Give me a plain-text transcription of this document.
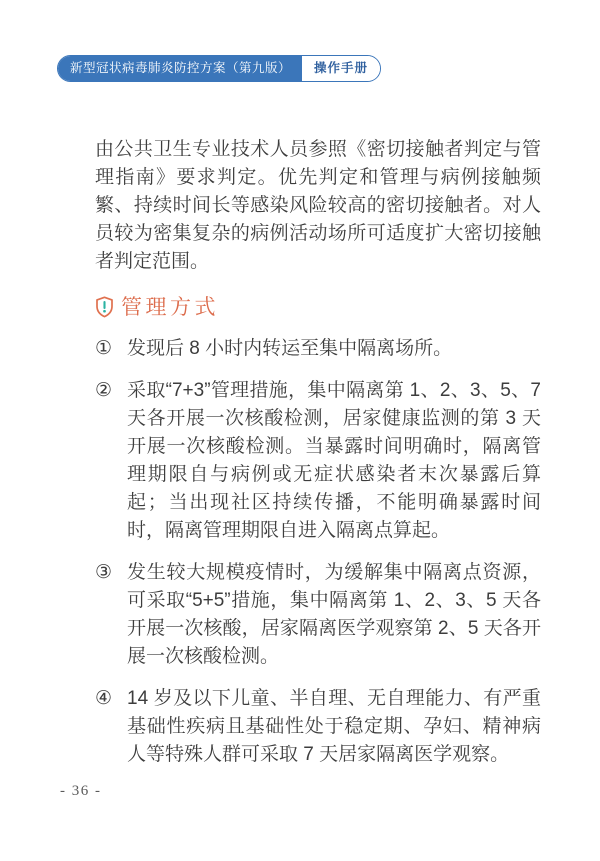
新型冠状病毒肺炎防控方案（第九版）	操作手册

由公共卫生专业技术人员参照《密切接触者判定与管理指南》要求判定。优先判定和管理与病例接触频繁、持续时间长等感染风险较高的密切接触者。对人员较为密集复杂的病例活动场所可适度扩大密切接触者判定范围。

管理方式
① 发现后 8 小时内转运至集中隔离场所。
② 采取“7+3”管理措施，集中隔离第 1、2、3、5、7 天各开展一次核酸检测，居家健康监测的第 3 天开展一次核酸检测。当暴露时间明确时，隔离管理期限自与病例或无症状感染者末次暴露后算起；当出现社区持续传播，不能明确暴露时间时，隔离管理期限自进入隔离点算起。
③ 发生较大规模疫情时，为缓解集中隔离点资源，可采取“5+5”措施，集中隔离第 1、2、3、5 天各开展一次核酸，居家隔离医学观察第 2、5 天各开展一次核酸检测。
④ 14 岁及以下儿童、半自理、无自理能力、有严重基础性疾病且基础性处于稳定期、孕妇、精神病人等特殊人群可采取 7 天居家隔离医学观察。
- 36 -
